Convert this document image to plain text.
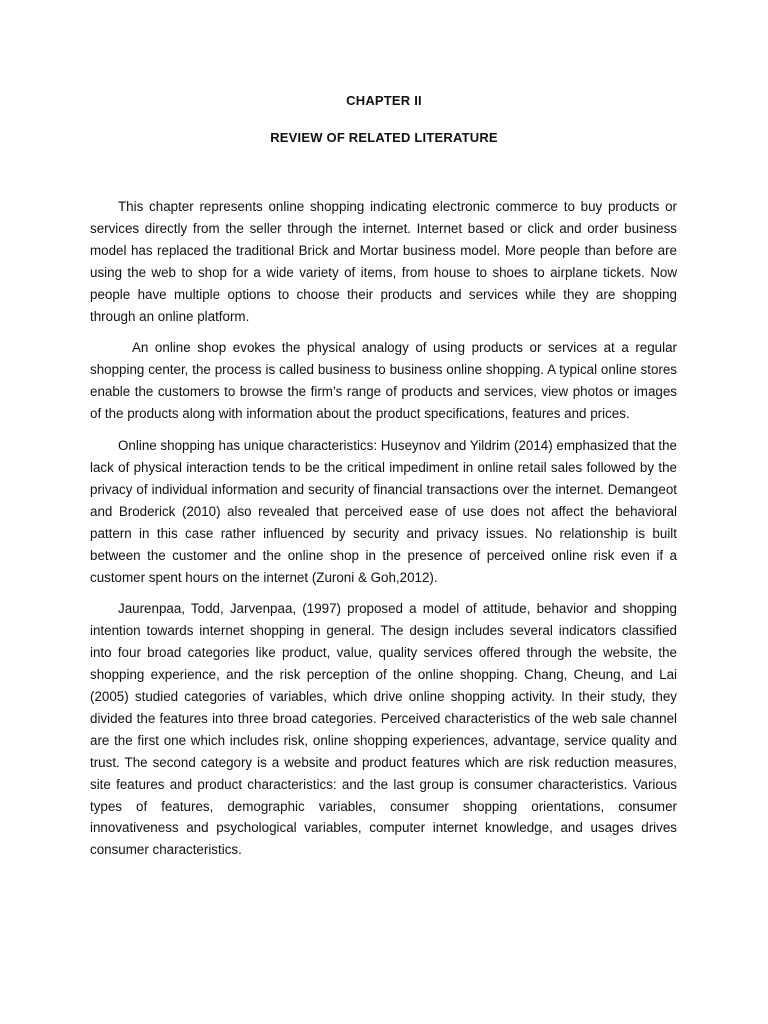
CHAPTER II
REVIEW OF RELATED LITERATURE

This chapter represents online shopping indicating electronic commerce to buy products or services directly from the seller through the internet. Internet based or click and order business model has replaced the traditional Brick and Mortar business model. More people than before are using the web to shop for a wide variety of items, from house to shoes to airplane tickets. Now people have multiple options to choose their products and services while they are shopping through an online platform.

An online shop evokes the physical analogy of using products or services at a regular shopping center, the process is called business to business online shopping. A typical online stores enable the customers to browse the firm’s range of products and services, view photos or images of the products along with information about the product specifications, features and prices.

Online shopping has unique characteristics: Huseynov and Yildrim (2014) emphasized that the lack of physical interaction tends to be the critical impediment in online retail sales followed by the privacy of individual information and security of financial transactions over the internet. Demangeot and Broderick (2010) also revealed that perceived ease of use does not affect the behavioral pattern in this case rather influenced by security and privacy issues. No relationship is built between the customer and the online shop in the presence of perceived online risk even if a customer spent hours on the internet (Zuroni & Goh,2012).

Jaurenpaa, Todd, Jarvenpaa, (1997) proposed a model of attitude, behavior and shopping intention towards internet shopping in general. The design includes several indicators classified into four broad categories like product, value, quality services offered through the website, the shopping experience, and the risk perception of the online shopping. Chang, Cheung, and Lai (2005) studied categories of variables, which drive online shopping activity. In their study, they divided the features into three broad categories. Perceived characteristics of the web sale channel are the first one which includes risk, online shopping experiences, advantage, service quality and trust. The second category is a website and product features which are risk reduction measures, site features and product characteristics: and the last group is consumer characteristics. Various types of features, demographic variables, consumer shopping orientations, consumer innovativeness and psychological variables, computer internet knowledge, and usages drives consumer characteristics.
